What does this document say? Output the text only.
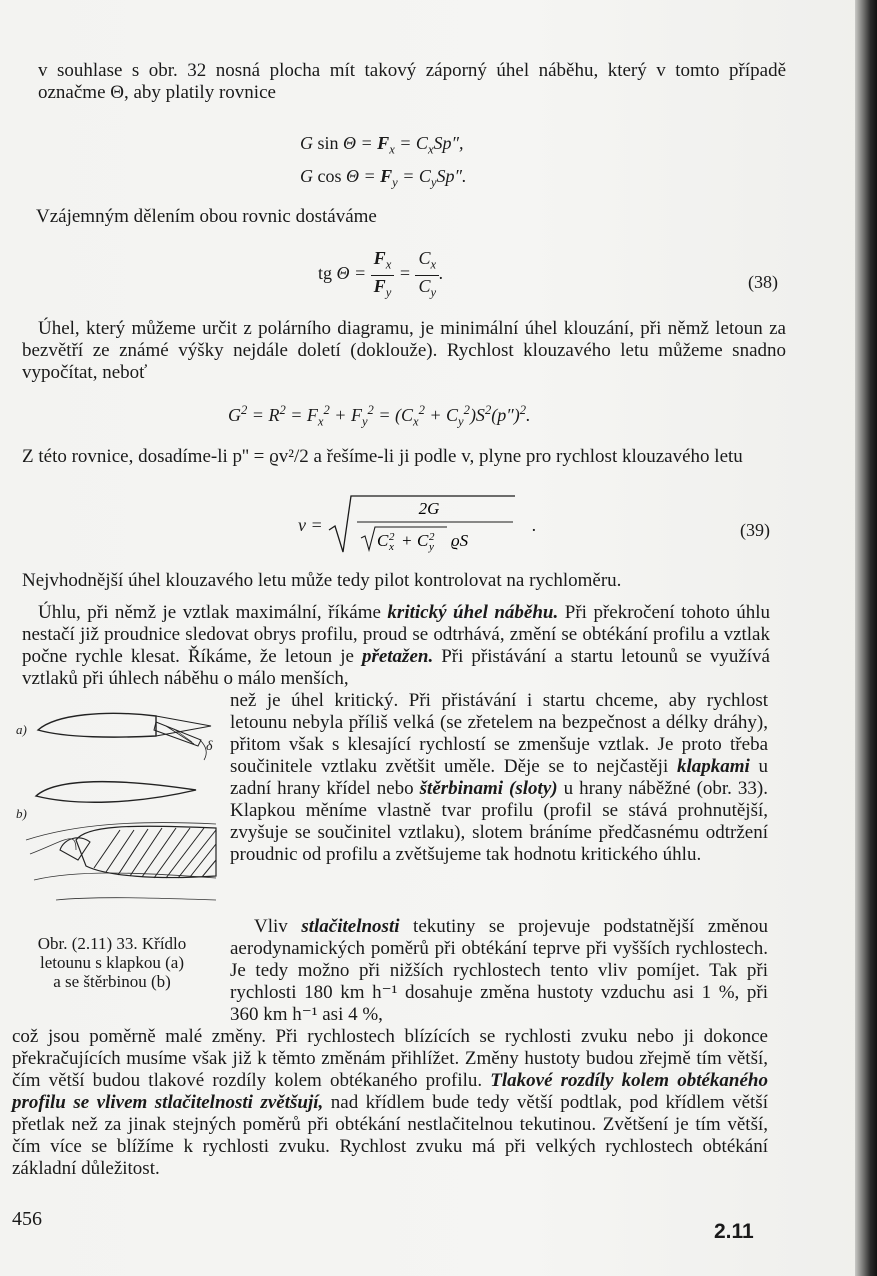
v souhlase s obr. 32 nosná plocha mít takový záporný úhel náběhu, který v tomto případě označme Θ, aby platily rovnice
G $\sin \Theta = F_x = C_xSp''$,
G $\cos \Theta = F_y = C_ySp''$.
Vzájemným dělením obou rovnic dostáváme
tg $\Theta = \frac{F_x}{F_y} = \frac{C_x}{C_y}$ .	(38)
Úhel, který můžeme určit z polárního diagramu, je minimální úhel klouzání, při němž letoun za bezvětří ze známé výšky nejdále doletí (doklouže). Rychlost klouzavého letu můžeme snadno vypočítat, neboť
$G^2 = R^2 = F_x^2 + F_y^2 = (C_x^2 + C_y^2)S^2(p'')^2$.
Z této rovnice, dosadíme-li p'' = ϱv²/2 a řešíme-li ji podle v, plyne pro rychlost klouzavého letu
v =
2G
C 2
x + C 2
y ϱS
.	(39)
Nejvhodnější úhel klouzavého letu může tedy pilot kontrolovat na rychloměru.
Úhlu, při němž je vztlak maximální, říkáme kritický úhel náběhu. Při překročení tohoto úhlu nestačí již proudnice sledovat obrys profilu, proud se odtrhává, změní se obtékání profilu a vztlak počne rychle klesat. Říkáme, že letoun je přetažen. Při přistávání a startu letounů se využívá vztlaků při úhlech náběhu o málo menších,
a)
δ
b)
Obr. (2.11) 33. Křídlo
letounu s klapkou (a)
a se štěrbinou (b)
než je úhel kritický. Při přistávání i startu chceme, aby rychlost letounu nebyla příliš velká (se zřetelem na bezpečnost a délky dráhy), přitom však s klesající rychlostí se zmenšuje vztlak. Je proto třeba součinitele vztlaku zvětšit uměle. Děje se to nejčastěji klapkami u zadní hrany křídel nebo štěrbinami (sloty) u hrany náběžné (obr. 33). Klapkou měníme vlastně tvar profilu (profil se stává prohnutější, zvyšuje se součinitel vztlaku), slotem bráníme předčasnému odtržení proudnic od profilu a zvětšujeme tak hodnotu kritického úhlu.
Vliv stlačitelnosti tekutiny se projevuje podstatnější změnou aerodynamických poměrů při obtékání teprve při vyšších rychlostech. Je tedy možno při nižších rychlostech tento vliv pomíjet. Tak při rychlosti 180 km h⁻¹ dosahuje změna hustoty vzduchu asi 1 %, při 360 km h⁻¹ asi 4 %,
což jsou poměrně malé změny. Při rychlostech blízících se rychlosti zvuku nebo ji dokonce překračujících musíme však již k těmto změnám přihlížet. Změny hustoty budou zřejmě tím větší, čím větší budou tlakové rozdíly kolem obtékaného profilu. Tlakové rozdíly kolem obtékaného profilu se vlivem stlačitelnosti zvětšují, nad křídlem bude tedy větší podtlak, pod křídlem větší přetlak než za jinak stejných poměrů při obtékání nestlačitelnou tekutinou. Zvětšení je tím větší, čím více se blížíme k rychlosti zvuku. Rychlost zvuku má při velkých rychlostech obtékání základní důležitost.
456
2.11
